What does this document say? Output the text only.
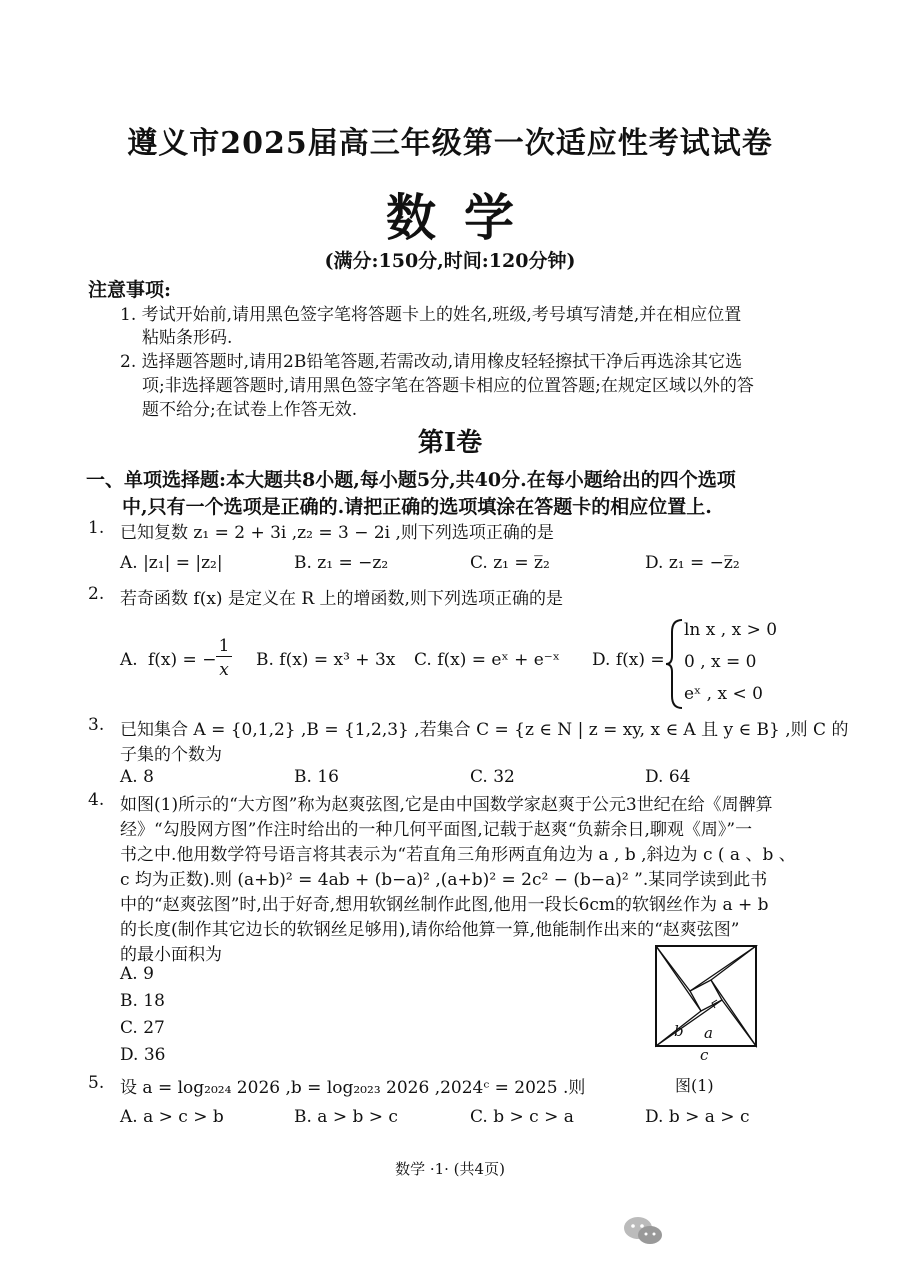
遵义市2025届高三年级第一次适应性考试试卷
数学
(满分:150分,时间:120分钟)
注意事项:
1. 考试开始前,请用黑色签字笔将答题卡上的姓名,班级,考号填写清楚,并在相应位置
粘贴条形码.
2. 选择题答题时,请用2B铅笔答题,若需改动,请用橡皮轻轻擦拭干净后再选涂其它选
项;非选择题答题时,请用黑色签字笔在答题卡相应的位置答题;在规定区域以外的答
题不给分;在试卷上作答无效.
第I卷
一、单项选择题:本大题共8小题,每小题5分,共40分.在每小题给出的四个选项
中,只有一个选项是正确的.请把正确的选项填涂在答题卡的相应位置上.
1. 已知复数 z₁ = 2 + 3i ,z₂ = 3 − 2i ,则下列选项正确的是
A. |z₁| = |z₂|	B. z₁ = −z₂	C. z₁ = z̅₂	D. z₁ = −z̅₂
2. 若奇函数 f(x) 是定义在 R 上的增函数,则下列选项正确的是
A. f(x) = −
1
x B. f(x) = x³ + 3x C. f(x) = eˣ + e⁻ˣ D. f(x) =
ln x , x > 0
0 , x = 0
eˣ , x < 0
3. 已知集合 A = {0,1,2} ,B = {1,2,3} ,若集合 C = {z ∈ N | z = xy, x ∈ A 且 y ∈ B} ,则 C 的
子集的个数为
A. 8	B. 16	C. 32	D. 64
4. 如图(1)所示的“大方图”称为赵爽弦图,它是由中国数学家赵爽于公元3世纪在给《周髀算
经》“勾股网方图”作注时给出的一种几何平面图,记载于赵爽“负薪余日,聊观《周》”一
书之中.他用数学符号语言将其表示为“若直角三角形两直角边为 a , b ,斜边为 c ( a 、b 、
c 均为正数).则 (a+b)² = 4ab + (b−a)² ,(a+b)² = 2c² − (b−a)² ”.某同学读到此书
中的“赵爽弦图”时,出于好奇,想用软钢丝制作此图,他用一段长6cm的软钢丝作为 a + b
的长度(制作其它边长的软钢丝足够用),请你给他算一算,他能制作出来的“赵爽弦图”
的最小面积为
A. 9
B. 18
C. 27
D. 36
b a
c
图(1)
5. 设 a = log₂₀₂₄ 2026 ,b = log₂₀₂₃ 2026 ,2024ᶜ = 2025 .则
A. a > c > b	B. a > b > c	C. b > c > a	D. b > a > c
数学 ·1· (共4页)
